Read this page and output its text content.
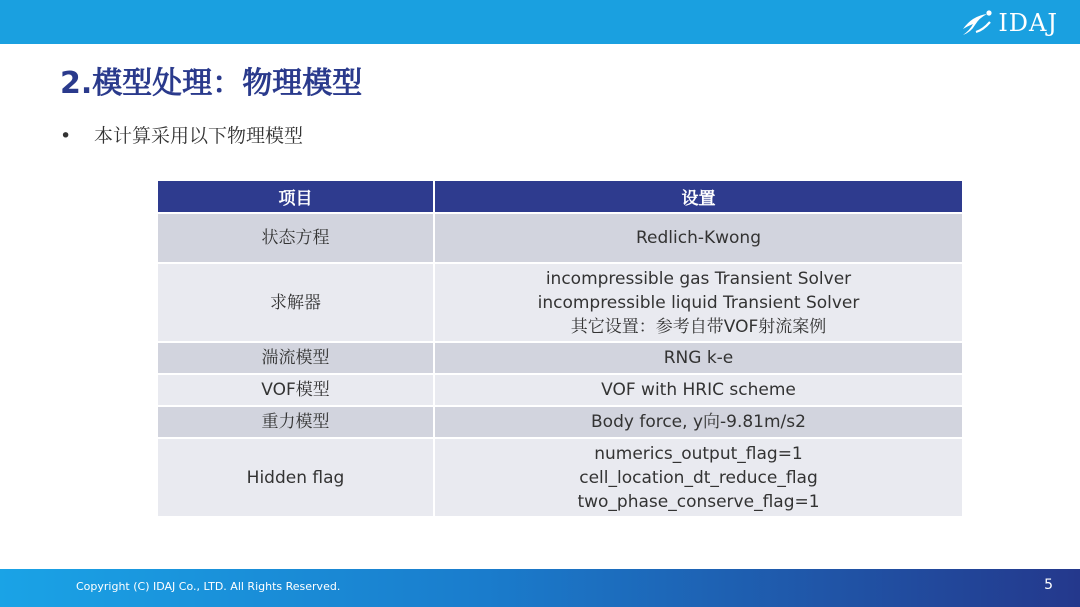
IDAJ
2.模型处理：物理模型
• 本计算采用以下物理模型
项目	设置
状态方程	Redlich-Kwong

求解器	incompressible gas Transient Solver
incompressible liquid Transient Solver
其它设置：参考自带VOF射流案例

湍流模型	RNG k-e

VOF模型	VOF with HRIC scheme

重力模型	Body force, y向-9.81m/s2

Hidden flag	numerics_output_flag=1
cell_location_dt_reduce_flag
two_phase_conserve_flag=1
Copyright (C) IDAJ Co., LTD. All Rights Reserved.	5
